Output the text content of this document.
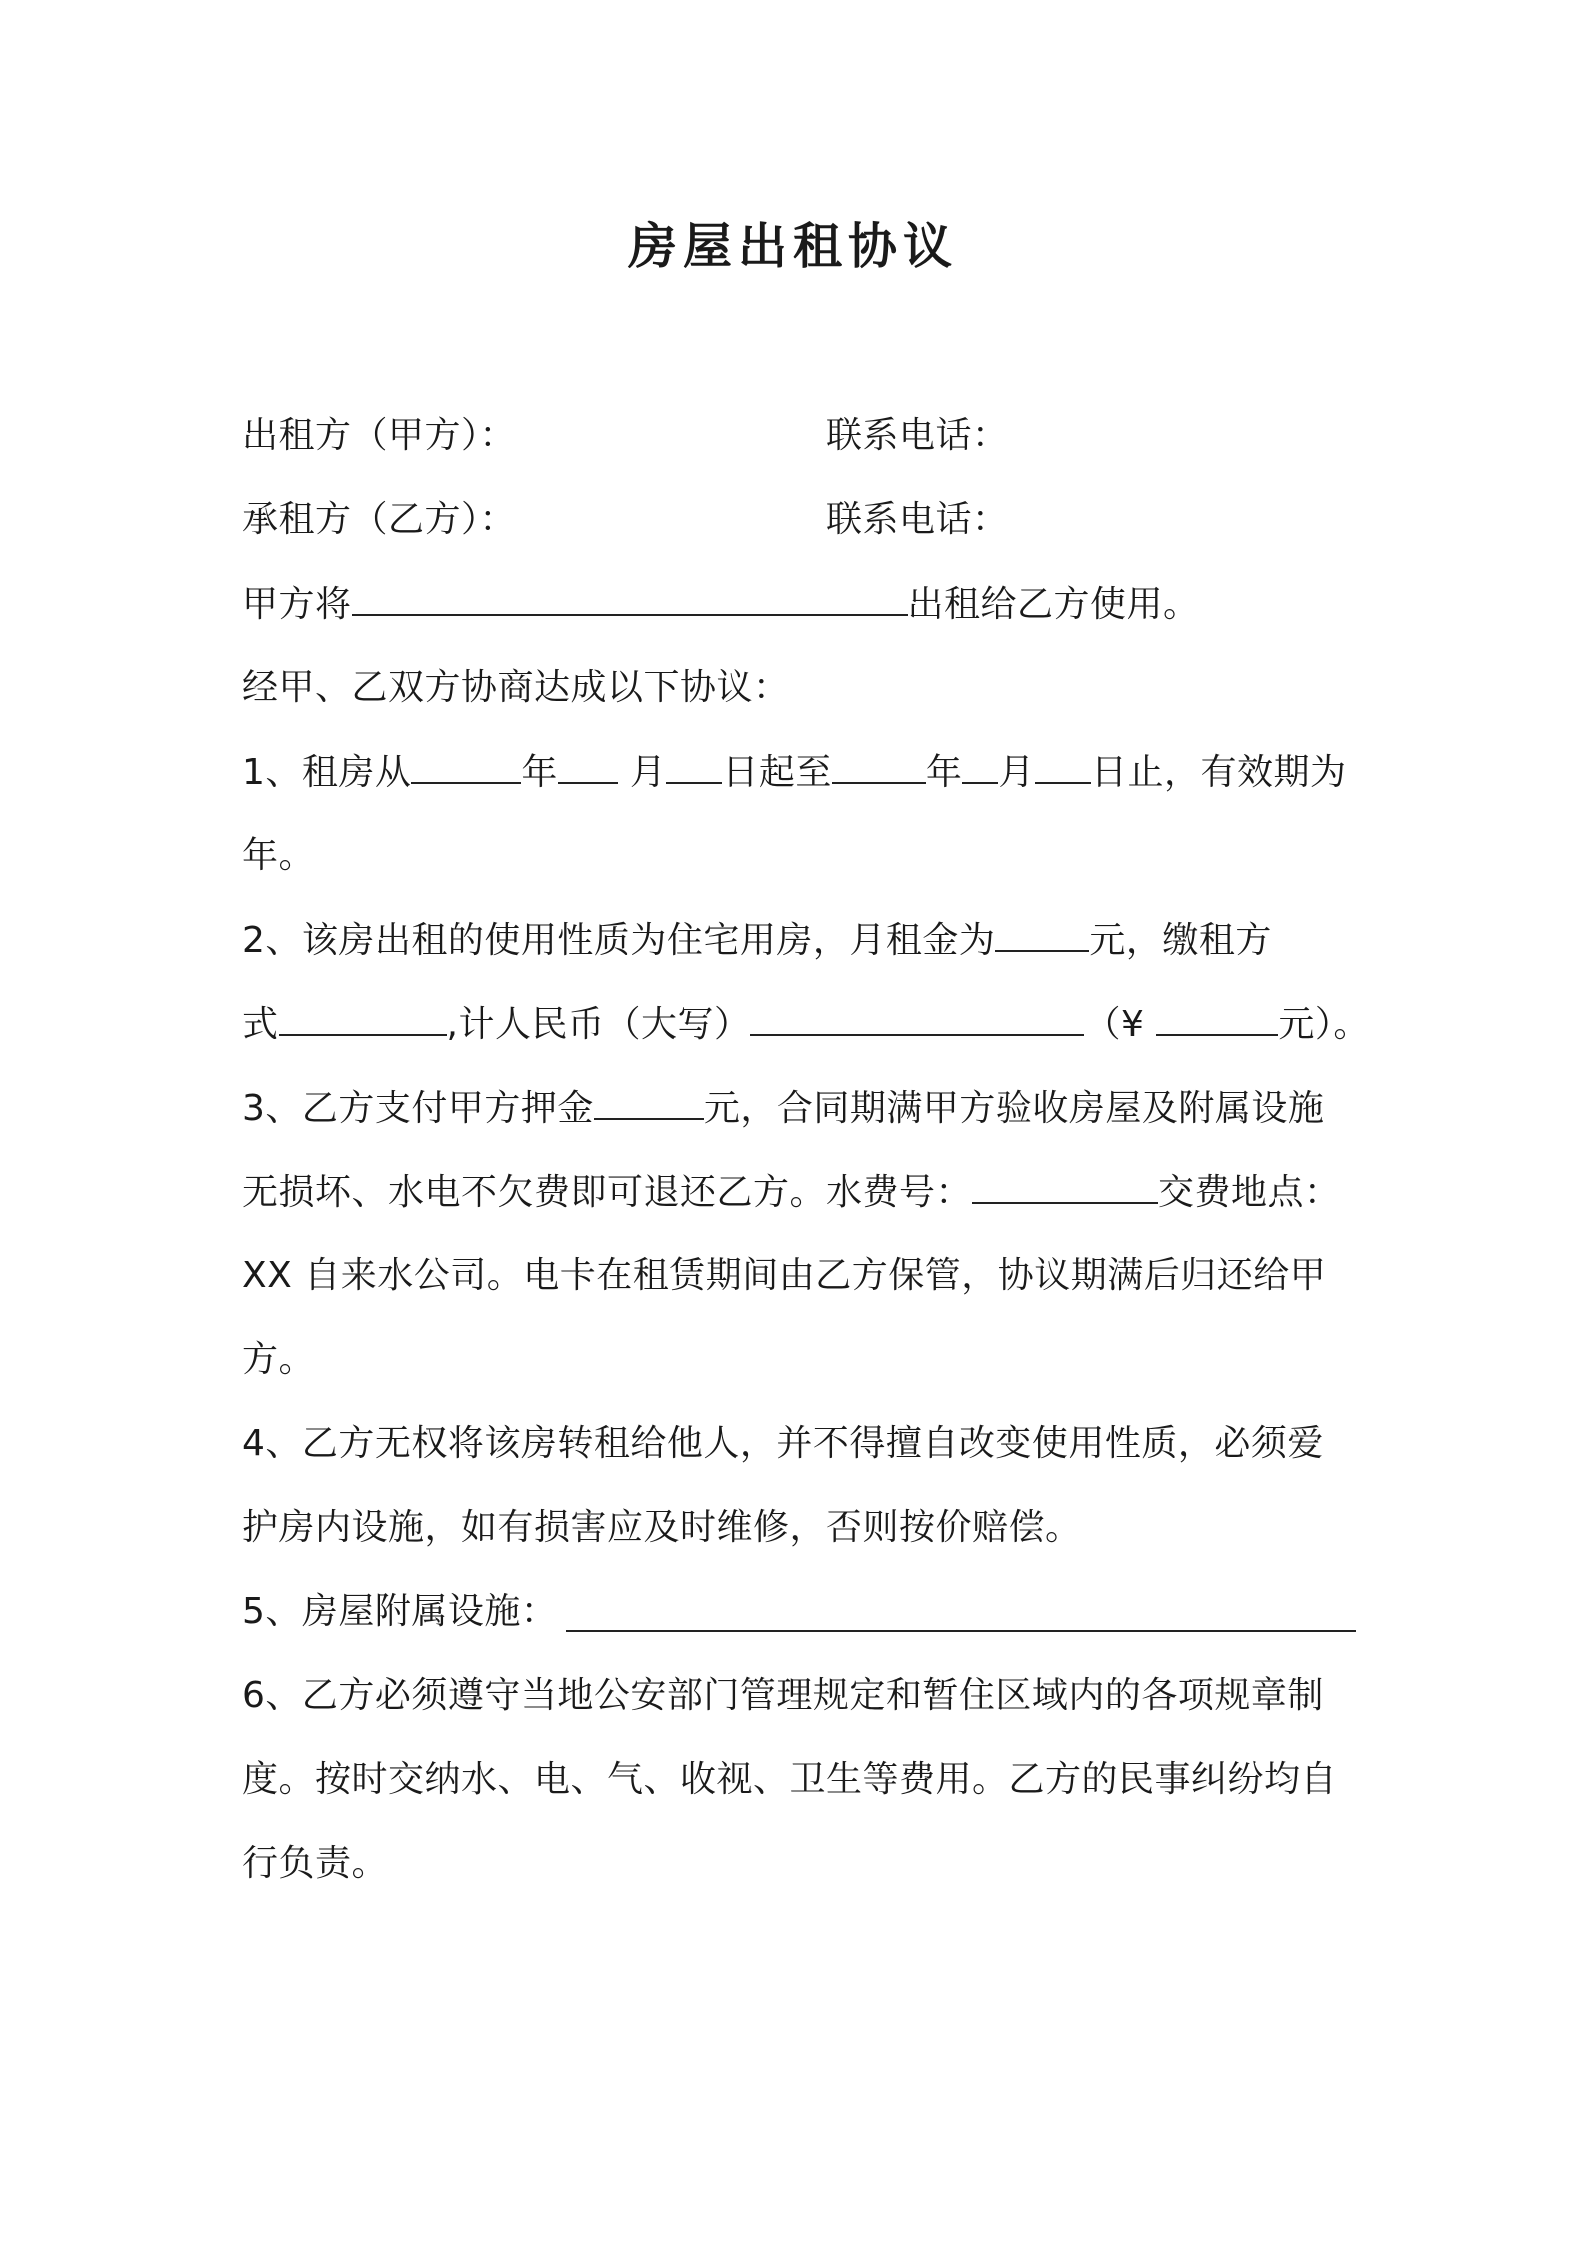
房屋出租协议
出租方（甲方）：	联系电话：
承租方（乙方）：	联系电话：
甲方将	出租给乙方使用。
经甲、乙双方协商达成以下协议：
1、租房从	年 月 日起至	年 月 日止，有效期为
年。
2、该房出租的使用性质为住宅用房，月租金为	元，缴租方
式	,计人民币（大写）	（¥	元）。
3、乙方支付甲方押金	元，合同期满甲方验收房屋及附属设施
无损坏、水电不欠费即可退还乙方。水费号：	交费地点：
XX 自来水公司。电卡在租赁期间由乙方保管，协议期满后归还给甲
方。
4、乙方无权将该房转租给他人，并不得擅自改变使用性质，必须爱
护房内设施，如有损害应及时维修，否则按价赔偿。
5、房屋附属设施：
6、乙方必须遵守当地公安部门管理规定和暂住区域内的各项规章制
度。按时交纳水、电、气、收视、卫生等费用。乙方的民事纠纷均自
行负责。
